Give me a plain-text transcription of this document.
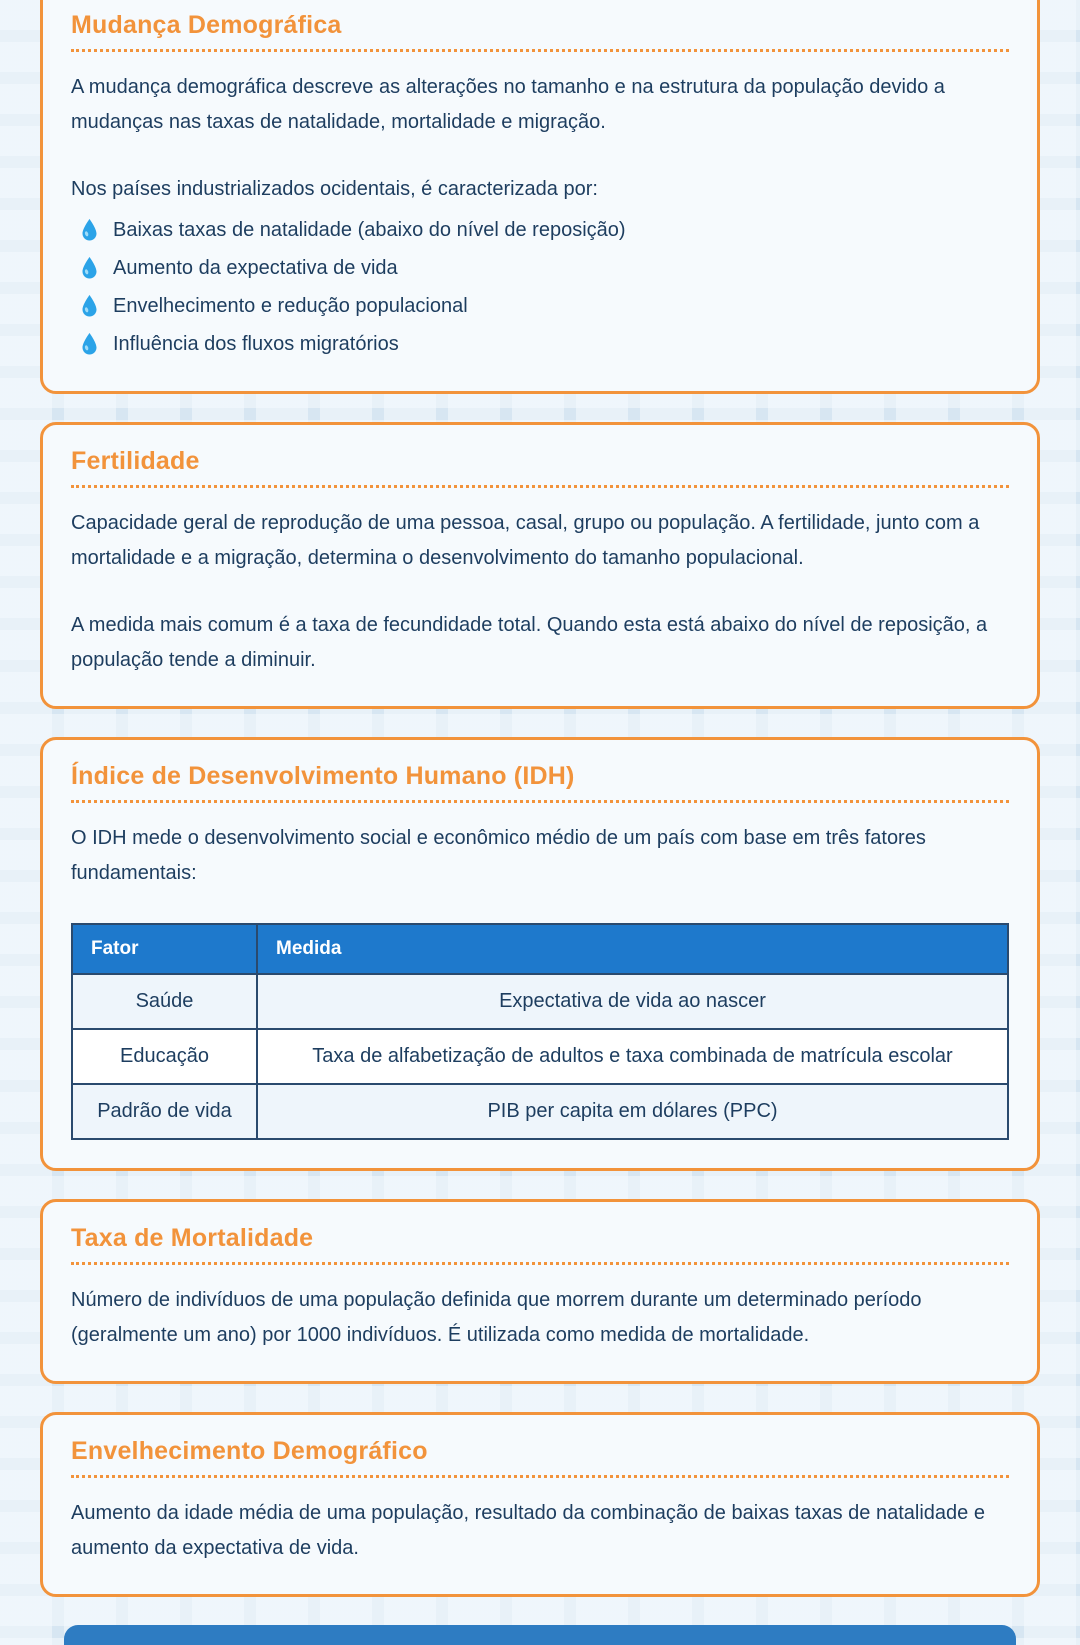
Mudança Demográfica

A mudança demográfica descreve as alterações no tamanho e na estrutura da população devido a mudanças nas taxas de natalidade, mortalidade e migração.

Nos países industrializados ocidentais, é caracterizada por:

Baixas taxas de natalidade (abaixo do nível de reposição)
Aumento da expectativa de vida
Envelhecimento e redução populacional
Influência dos fluxos migratórios
Fertilidade

Capacidade geral de reprodução de uma pessoa, casal, grupo ou população. A fertilidade, junto com a mortalidade e a migração, determina o desenvolvimento do tamanho populacional.

A medida mais comum é a taxa de fecundidade total. Quando esta está abaixo do nível de reposição, a população tende a diminuir.

Índice de Desenvolvimento Humano (IDH)

O IDH mede o desenvolvimento social e econômico médio de um país com base em três fatores fundamentais:

Fator	Medida
Saúde	Expectativa de vida ao nascer
Educação	Taxa de alfabetização de adultos e taxa combinada de matrícula escolar
Padrão de vida	PIB per capita em dólares (PPC)
Taxa de Mortalidade

Número de indivíduos de uma população definida que morrem durante um determinado período (geralmente um ano) por 1000 indivíduos. É utilizada como medida de mortalidade.

Envelhecimento Demográfico

Aumento da idade média de uma população, resultado da combinação de baixas taxas de natalidade e aumento da expectativa de vida.
